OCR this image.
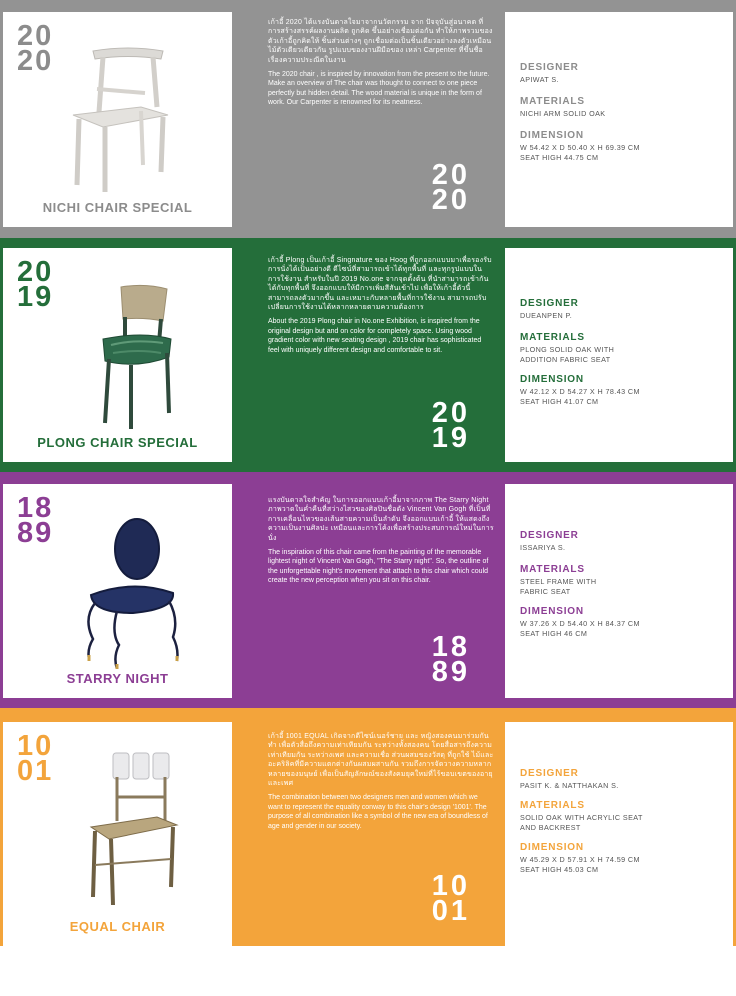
20
20
NICHI CHAIR SPECIAL

เก้าอี้ 2020 ได้แรงบันดาลใจมาจากนวัตกรรม จาก ปัจจุบันสู่อนาคต ที่การสร้างสรรค์ผลงานผลิต ถูกคิด ขึ้นอย่างเชื่อมต่อกัน ทำให้ภาพรวมของตัวเก้าอี้ถูกคิดให้ ชิ้นส่วนต่างๆ ถูกเชื่อมต่อเป็นชิ้นเดียวอย่างลงตัวเหมือน ไม้ตัวเดียวเดียวกัน รูปแบบของงานฝีมือของ เหล่า Carpenter ที่ขึ้นชื่อเรื่องความประณีตในงาน

The 2020 chair , is inspired by innovation from the present to the future. Make an overview of The chair was thought to connect to one piece perfectly but hidden detail. The wood material is unique in the form of work. Our Carpenter is renowned for its neatness.

20
20

DESIGNER

APIWAT S.

MATERIALS

NICHI ARM SOLID OAK

DIMENSION

W 54.42 X D 50.40 X H 69.39 CM

SEAT HIGH 44.75 CM

20
19
PLONG CHAIR SPECIAL

เก้าอี้ Plong เป็นเก้าอี้ Singnature ของ Hoog ที่ถูกออกแบบมาเพื่อรองรับการนั่งได้เป็นอย่างดี ดีไซน์ที่สามารถเข้าได้ทุกพื้นที่ และทุกรูปแบบในการใช้งาน สำหรับในปี 2019 No.one จากจุดตั้งต้น ที่นำสามารถเข้ากันได้กับทุกพื้นที่ จึงออกแบบให้มีการเพิ่มสีสันเข้าไป เพื่อให้เก้าอี้ตัวนี้สามารถลงตัวมากขึ้น และเหมาะกับหลายพื้นที่การใช้งาน สามารถปรับเปลี่ยนการใช้งานได้หลากหลายตามความต้องการ

About the 2019 Plong chair in No.one Exhibition, is inspired from the original design but and on color for completely space. Using wood gradient color with new seating design , 2019 chair has sophisticated feel with uniquely different design and comfortable to sit.

20
19

DESIGNER

DUEANPEN P.

MATERIALS

PLONG SOLID OAK WITH

ADDITION FABRIC SEAT

DIMENSION

W 42.12 X D 54.27 X H 78.43 CM

SEAT HIGH 41.07 CM

18
89
STARRY NIGHT

แรงบันดาลใจสำคัญ ในการออกแบบเก้าอี้มาจากภาพ The Starry Night ภาพวาดในค่ำคืนที่สว่างไสวของศิลปินชื่อดัง Vincent Van Gogh ที่เป็นที่การเคลื่อนไหวของเส้นสายความเป็นลำดับ จึงออกแบบเก้าอี้ ให้แสดงถึงความเป็นงานศิลปะ เหมือนและการโค้งเพื่อสร้างประสบการณ์ใหม่ในการนั่ง

The inspiration of this chair came from the painting of the memorable lightest night of Vincent Van Gogh, "The Starry night". So, the outline of the unforgettable night's movement that attach to this chair which could create the new perception when you sit on this chair.

18
89

DESIGNER

ISSARIYA S.

MATERIALS

STEEL FRAME WITH

FABRIC SEAT

DIMENSION

W 37.26 X D 54.40 X H 84.37 CM

SEAT HIGH 46 CM

10
01
EQUAL CHAIR

เก้าอี้ 1001 EQUAL เกิดจากดีไซน์เนอร์ชาย และ หญิงสองคนมาร่วมกันทำ เพื่อตัวสื่อถึงความเท่าเทียมกัน ระหว่างทั้งสองคน โดยสื่อสารถึงความเท่าเทียมกัน ระหว่างเพศ และความเชื่อ ส่วนผสมของวัสดุ ที่ถูกใช้ ไม้และอะคริลิคที่มีความแตกต่างกันผสมผสานกัน รวมถึงการจัดวางความหลากหลายของมนุษย์ เพื่อเป็นสัญลักษณ์ของสังคมยุคใหม่ที่ไร้ขอบเขตของอายุและเพศ

The combination between two designers men and women which we want to represent the equality conway to this chair's design '1001'. The purpose of all combination like a symbol of the new era of boundless of age and gender in our society.

10
01

DESIGNER

PASIT K. & NATTHAKAN S.

MATERIALS

SOLID OAK WITH ACRYLIC SEAT

AND BACKREST

DIMENSION

W 45.29 X D 57.91 X H 74.59 CM

SEAT HIGH 45.03 CM
